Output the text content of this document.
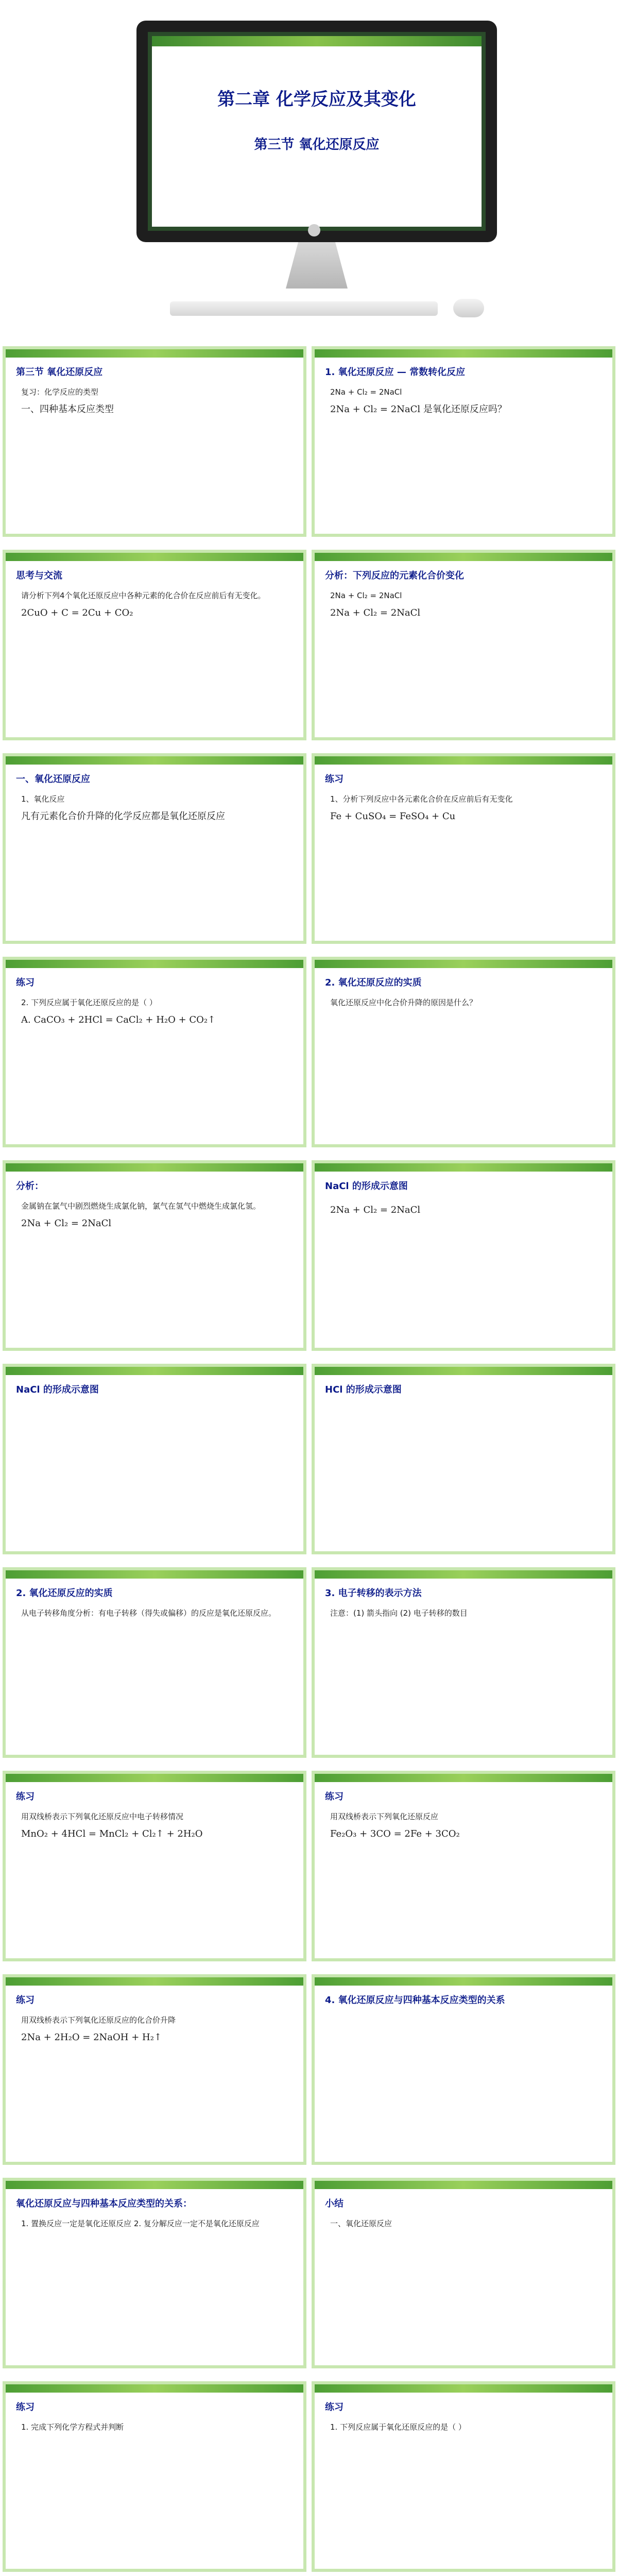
第二章 化学反应及其变化
第三节 氧化还原反应
第三节 氧化还原反应
复习：化学反应的类型
一、四种基本反应类型
1. 氧化还原反应 — 常数转化反应
2Na + Cl₂ = 2NaCl
2Na + Cl₂ = 2NaCl 是氧化还原反应吗？
思考与交流
请分析下列4个氧化还原反应中各种元素的化合价在反应前后有无变化。
2CuO + C = 2Cu + CO₂
分析：下列反应的元素化合价变化
2Na + Cl₂ = 2NaCl
2Na + Cl₂ = 2NaCl
一、氧化还原反应
1、氧化反应
凡有元素化合价升降的化学反应都是氧化还原反应
练习
1、分析下列反应中各元素化合价在反应前后有无变化
Fe + CuSO₄ = FeSO₄ + Cu
练习
2. 下列反应属于氧化还原反应的是（ ）
A. CaCO₃ + 2HCl = CaCl₂ + H₂O + CO₂↑
2. 氧化还原反应的实质
氧化还原反应中化合价升降的原因是什么？
分析：
金属钠在氯气中剧烈燃烧生成氯化钠，氯气在氢气中燃烧生成氯化氢。
2Na + Cl₂ = 2NaCl
NaCl 的形成示意图
2Na + Cl₂ = 2NaCl
NaCl 的形成示意图	HCl 的形成示意图
2. 氧化还原反应的实质
从电子转移角度分析：有电子转移（得失或偏移）的反应是氧化还原反应。
3. 电子转移的表示方法
注意：(1) 箭头指向 (2) 电子转移的数目
练习
用双线桥表示下列氧化还原反应中电子转移情况
MnO₂ + 4HCl = MnCl₂ + Cl₂↑ + 2H₂O
练习
用双线桥表示下列氧化还原反应
Fe₂O₃ + 3CO = 2Fe + 3CO₂
练习
用双线桥表示下列氧化还原反应的化合价升降
2Na + 2H₂O = 2NaOH + H₂↑
4. 氧化还原反应与四种基本反应类型的关系
氧化还原反应与四种基本反应类型的关系：
1. 置换反应一定是氧化还原反应 2. 复分解反应一定不是氧化还原反应
小结
一、氧化还原反应
练习
1. 完成下列化学方程式并判断
练习
1. 下列反应属于氧化还原反应的是（ ）
